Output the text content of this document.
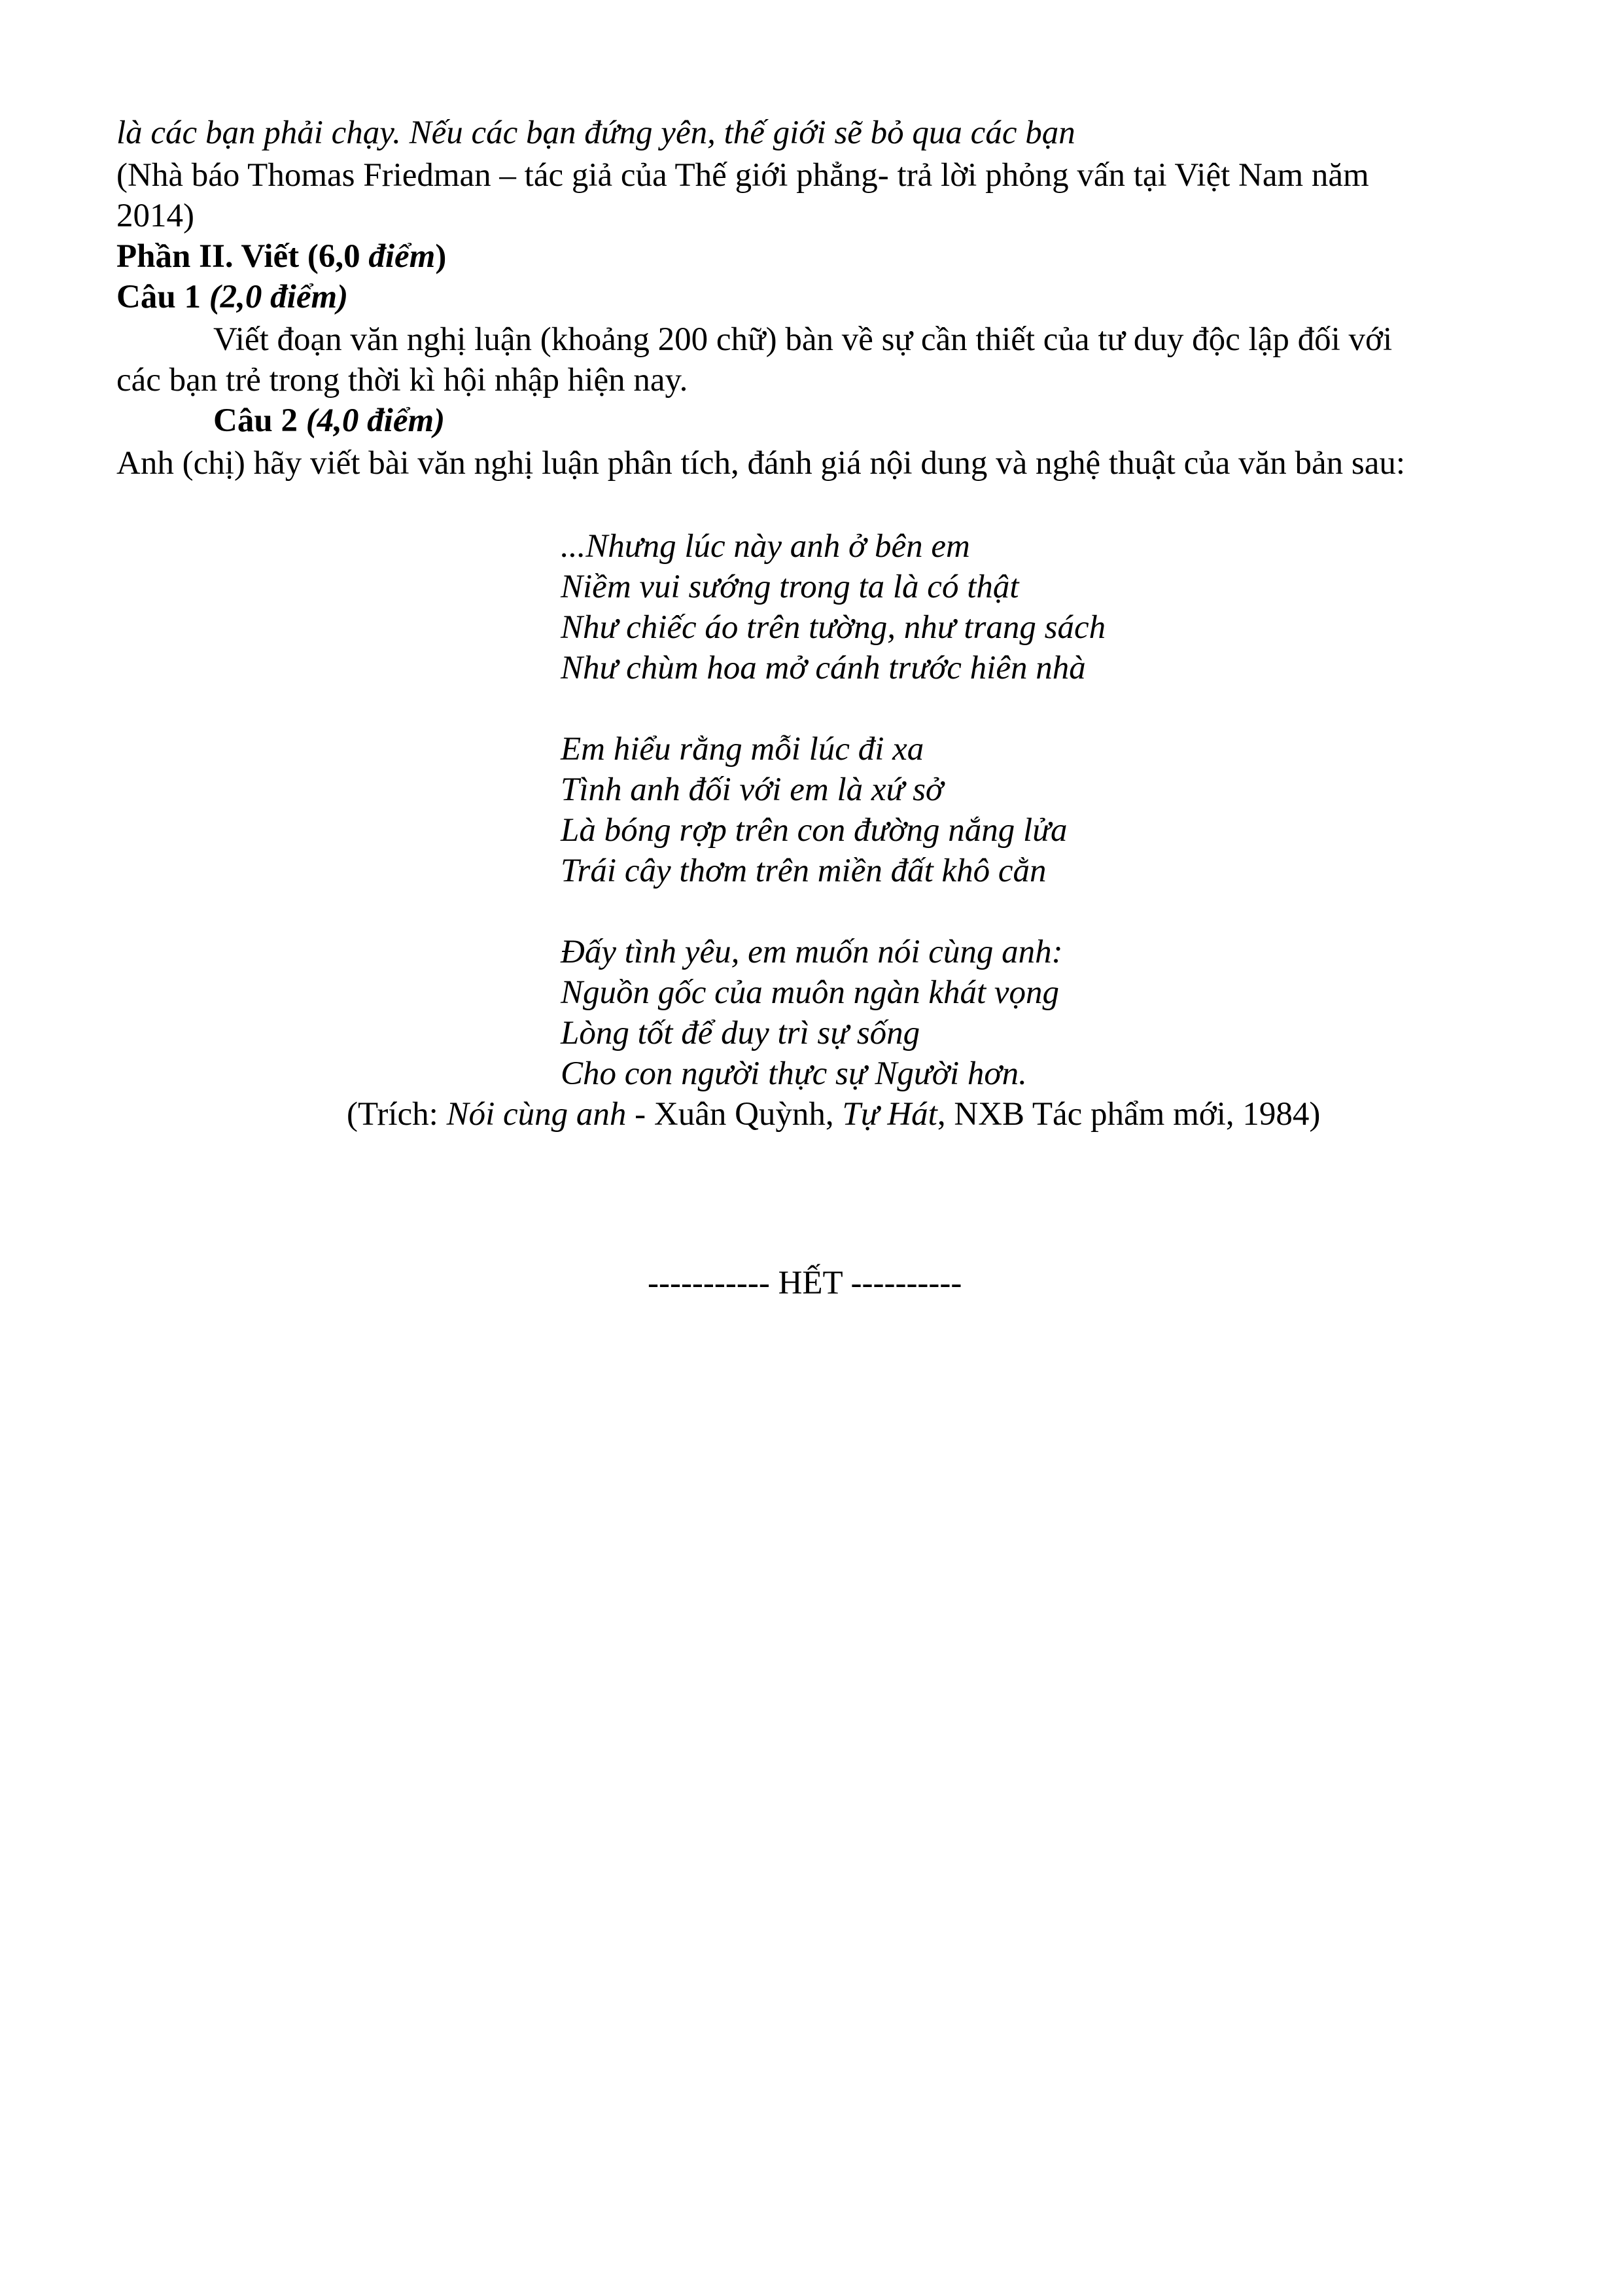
là các bạn phải chạy. Nếu các bạn đứng yên, thế giới sẽ bỏ qua các bạn
(Nhà báo Thomas Friedman – tác giả của Thế giới phẳng- trả lời phỏng vấn tại Việt Nam năm
2014)
Phần II. Viết (6,0 điểm)
Câu 1 (2,0 điểm)
Viết đoạn văn nghị luận (khoảng 200 chữ) bàn về sự cần thiết của tư duy độc lập đối với
các bạn trẻ trong thời kì hội nhập hiện nay.
Câu 2 (4,0 điểm)
Anh (chị) hãy viết bài văn nghị luận phân tích, đánh giá nội dung và nghệ thuật của văn bản sau:
...Nhưng lúc này anh ở bên em
Niềm vui sướng trong ta là có thật
Như chiếc áo trên tường, như trang sách
Như chùm hoa mở cánh trước hiên nhà
Em hiểu rằng mỗi lúc đi xa
Tình anh đối với em là xứ sở
Là bóng rợp trên con đường nắng lửa
Trái cây thơm trên miền đất khô cằn
Đấy tình yêu, em muốn nói cùng anh:
Nguồn gốc của muôn ngàn khát vọng
Lòng tốt để duy trì sự sống
Cho con người thực sự Người hơn.
(Trích: Nói cùng anh - Xuân Quỳnh, Tự Hát, NXB Tác phẩm mới, 1984)
----------- HẾT ----------
